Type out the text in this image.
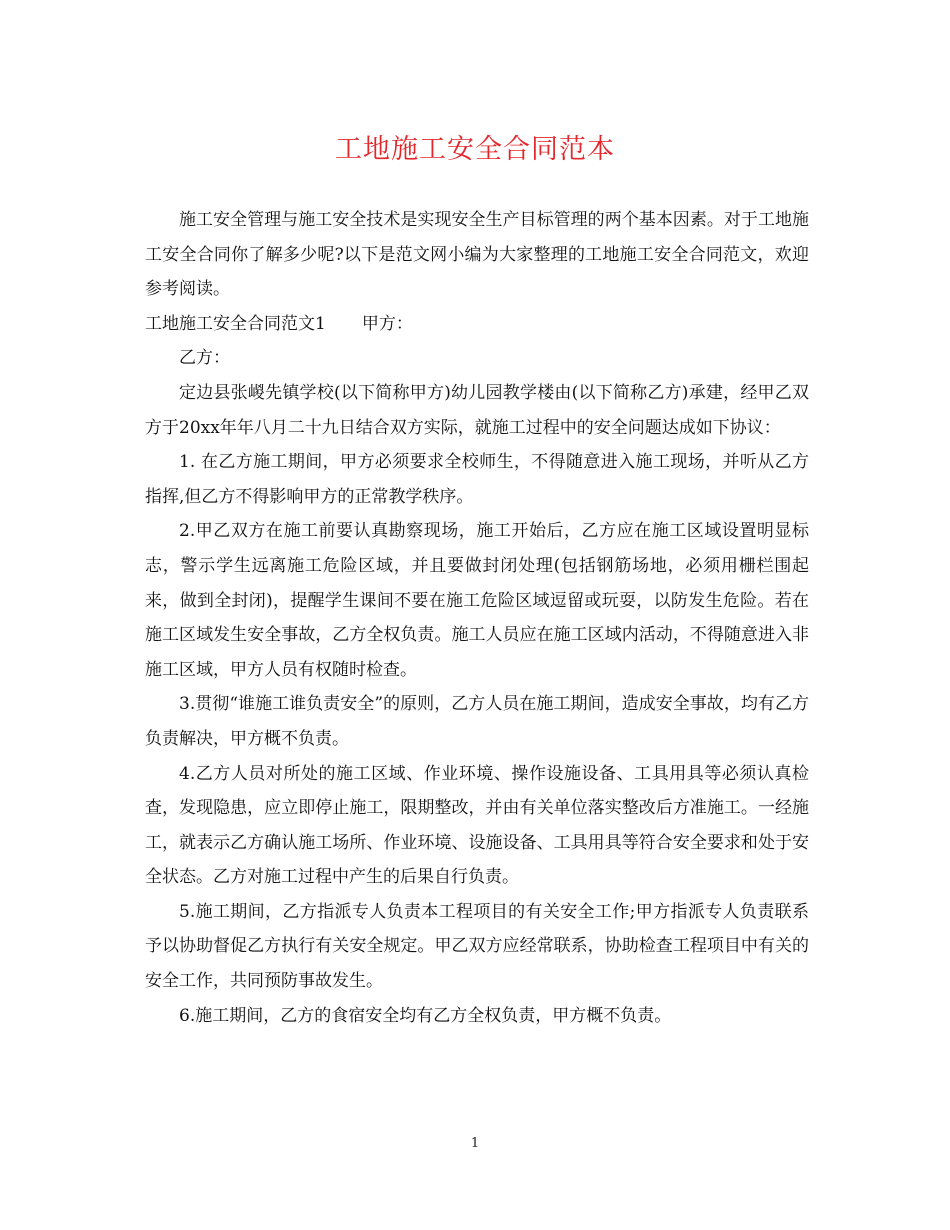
工地施工安全合同范本

施工安全管理与施工安全技术是实现安全生产目标管理的两个基本因素。对于工地施工安全合同你了解多少呢?以下是范文网小编为大家整理的工地施工安全合同范文，欢迎参考阅读。

工地施工安全合同范文1 甲方：

乙方：

定边县张嵕先镇学校(以下简称甲方)幼儿园教学楼由(以下简称乙方)承建，经甲乙双方于20xx年年八月二十九日结合双方实际，就施工过程中的安全问题达成如下协议：

1. 在乙方施工期间，甲方必须要求全校师生，不得随意进入施工现场，并听从乙方指挥,但乙方不得影响甲方的正常教学秩序。

2.甲乙双方在施工前要认真勘察现场，施工开始后，乙方应在施工区域设置明显标志，警示学生远离施工危险区域，并且要做封闭处理(包括钢筋场地，必须用栅栏围起来，做到全封闭)，提醒学生课间不要在施工危险区域逗留或玩耍，以防发生危险。若在施工区域发生安全事故，乙方全权负责。施工人员应在施工区域内活动，不得随意进入非施工区域，甲方人员有权随时检查。

3.贯彻“谁施工谁负责安全”的原则，乙方人员在施工期间，造成安全事故，均有乙方负责解决，甲方概不负责。

4.乙方人员对所处的施工区域、作业环境、操作设施设备、工具用具等必须认真检查，发现隐患，应立即停止施工，限期整改，并由有关单位落实整改后方准施工。一经施工，就表示乙方确认施工场所、作业环境、设施设备、工具用具等符合安全要求和处于安全状态。乙方对施工过程中产生的后果自行负责。

5.施工期间，乙方指派专人负责本工程项目的有关安全工作;甲方指派专人负责联系予以协助督促乙方执行有关安全规定。甲乙双方应经常联系，协助检查工程项目中有关的安全工作，共同预防事故发生。

6.施工期间，乙方的食宿安全均有乙方全权负责，甲方概不负责。

1
